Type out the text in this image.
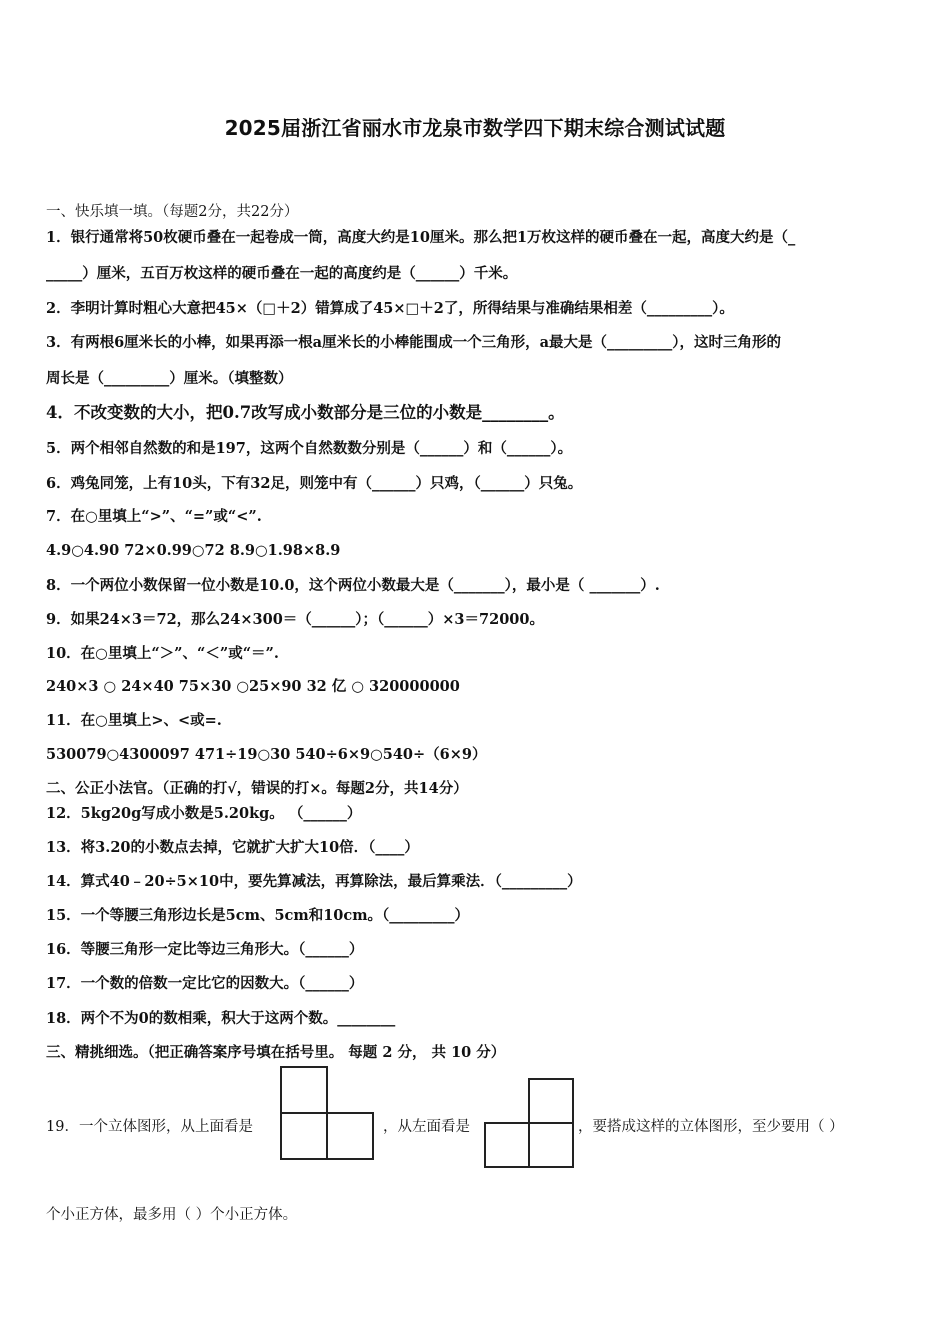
2025届浙江省丽水市龙泉市数学四下期末综合测试试题
一、快乐填一填。（每题2分，共22分）
1．银行通常将50枚硬币叠在一起卷成一筒，高度大约是10厘米。那么把1万枚这样的硬币叠在一起，高度大约是（_
_____）厘米，五百万枚这样的硬币叠在一起的高度约是（______）千米。
2．李明计算时粗心大意把45×（□＋2）错算成了45×□＋2了，所得结果与准确结果相差（_________）。
3．有两根6厘米长的小棒，如果再添一根a厘米长的小棒能围成一个三角形，a最大是（_________），这时三角形的
周长是（_________）厘米。（填整数）
4．不改变数的大小，把0.7改写成小数部分是三位的小数是________。
5．两个相邻自然数的和是197，这两个自然数数分别是（______）和（______）。
6．鸡兔同笼，上有10头，下有32足，则笼中有（______）只鸡，（______）只兔。
7．在○里填上“>”、“=”或“<”.
4.9○4.90 72×0.99○72 8.9○1.98×8.9
8．一个两位小数保留一位小数是10.0，这个两位小数最大是（_______），最小是（ _______）.
9．如果24×3＝72，那么24×300＝（______）；（______）×3＝72000。
10．在○里填上“＞”、“＜”或“＝”.
240×3 ○ 24×40 75×30 ○25×90 32 亿 ○ 320000000
11．在○里填上>、<或=.
530079○4300097 471÷19○30 540÷6×9○540÷（6×9）
二、公正小法官。（正确的打√，错误的打×。每题2分，共14分）
12．5kg20g写成小数是5.20kg。 （______）
13．将3.20的小数点去掉，它就扩大扩大10倍．（____）
14．算式40﹣20÷5×10中，要先算减法，再算除法，最后算乘法．（_________）
15．一个等腰三角形边长是5cm、5cm和10cm。（_________）
16．等腰三角形一定比等边三角形大。（______）
17．一个数的倍数一定比它的因数大。（______）
18．两个不为0的数相乘，积大于这两个数。________
三、精挑细选。（把正确答案序号填在括号里。 每题 2 分， 共 10 分）
19．一个立体图形，从上面看是	，从左面看是	，要搭成这样的立体图形，至少要用（ ）
个小正方体，最多用（ ）个小正方体。
